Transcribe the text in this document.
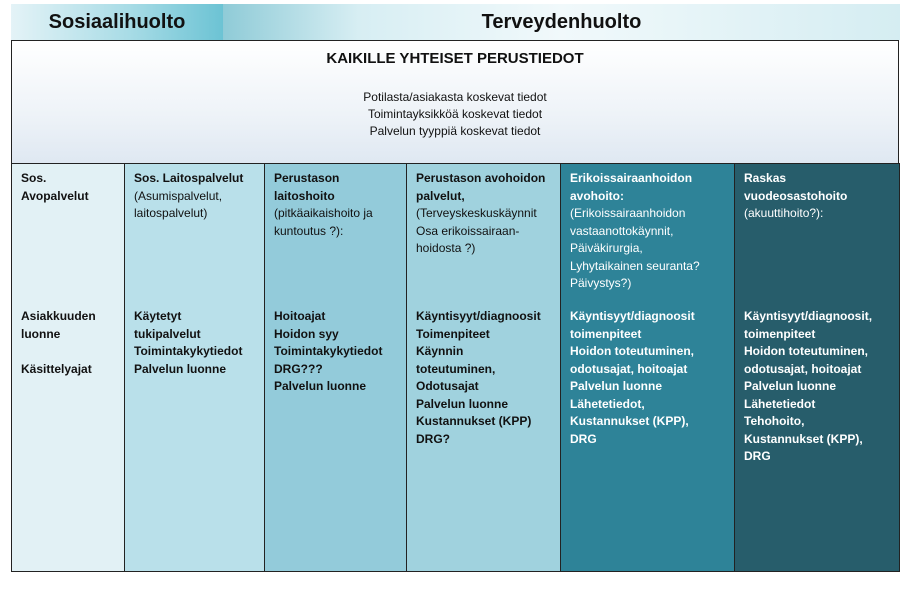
Sosiaalihuolto	Terveydenhuolto
KAIKILLE YHTEISET PERUSTIEDOT
Potilasta/asiakasta koskevat tiedot
Toimintayksikköä koskevat tiedot
Palvelun tyyppiä koskevat tiedot
Sos. Avopalvelut
Asiakkuuden
luonne
Käsittelyajat
Sos. Laitospalvelut
(Asumispalvelut,
laitospalvelut)
Käytetyt
tukipalvelut
Toimintakykytiedot
Palvelun luonne
Perustason
laitoshoito
(pitkäaikaishoito ja
kuntoutus ?):
Hoitoajat
Hoidon syy
Toimintakykytiedot
DRG???
Palvelun luonne
Perustason avohoidon
palvelut,
(Terveyskeskuskäynnit
Osa erikoissairaan-
hoidosta ?)
Käyntisyyt/diagnoosit
Toimenpiteet
Käynnin
toteutuminen,
Odotusajat
Palvelun luonne
Kustannukset (KPP)
DRG?
Erikoissairaanhoidon
avohoito:
(Erikoissairaanhoidon
vastaanottokäynnit,
Päiväkirurgia,
Lyhytaikainen seuranta?
Päivystys?)
Käyntisyyt/diagnoosit
toimenpiteet
Hoidon toteutuminen,
odotusajat, hoitoajat
Palvelun luonne
Lähetetiedot,
Kustannukset (KPP),
DRG
Raskas
vuodeosastohoito
(akuuttihoito?):
Käyntisyyt/diagnoosit,
toimenpiteet
Hoidon toteutuminen,
odotusajat, hoitoajat
Palvelun luonne
Lähetetiedot
Tehohoito,
Kustannukset (KPP),
DRG
